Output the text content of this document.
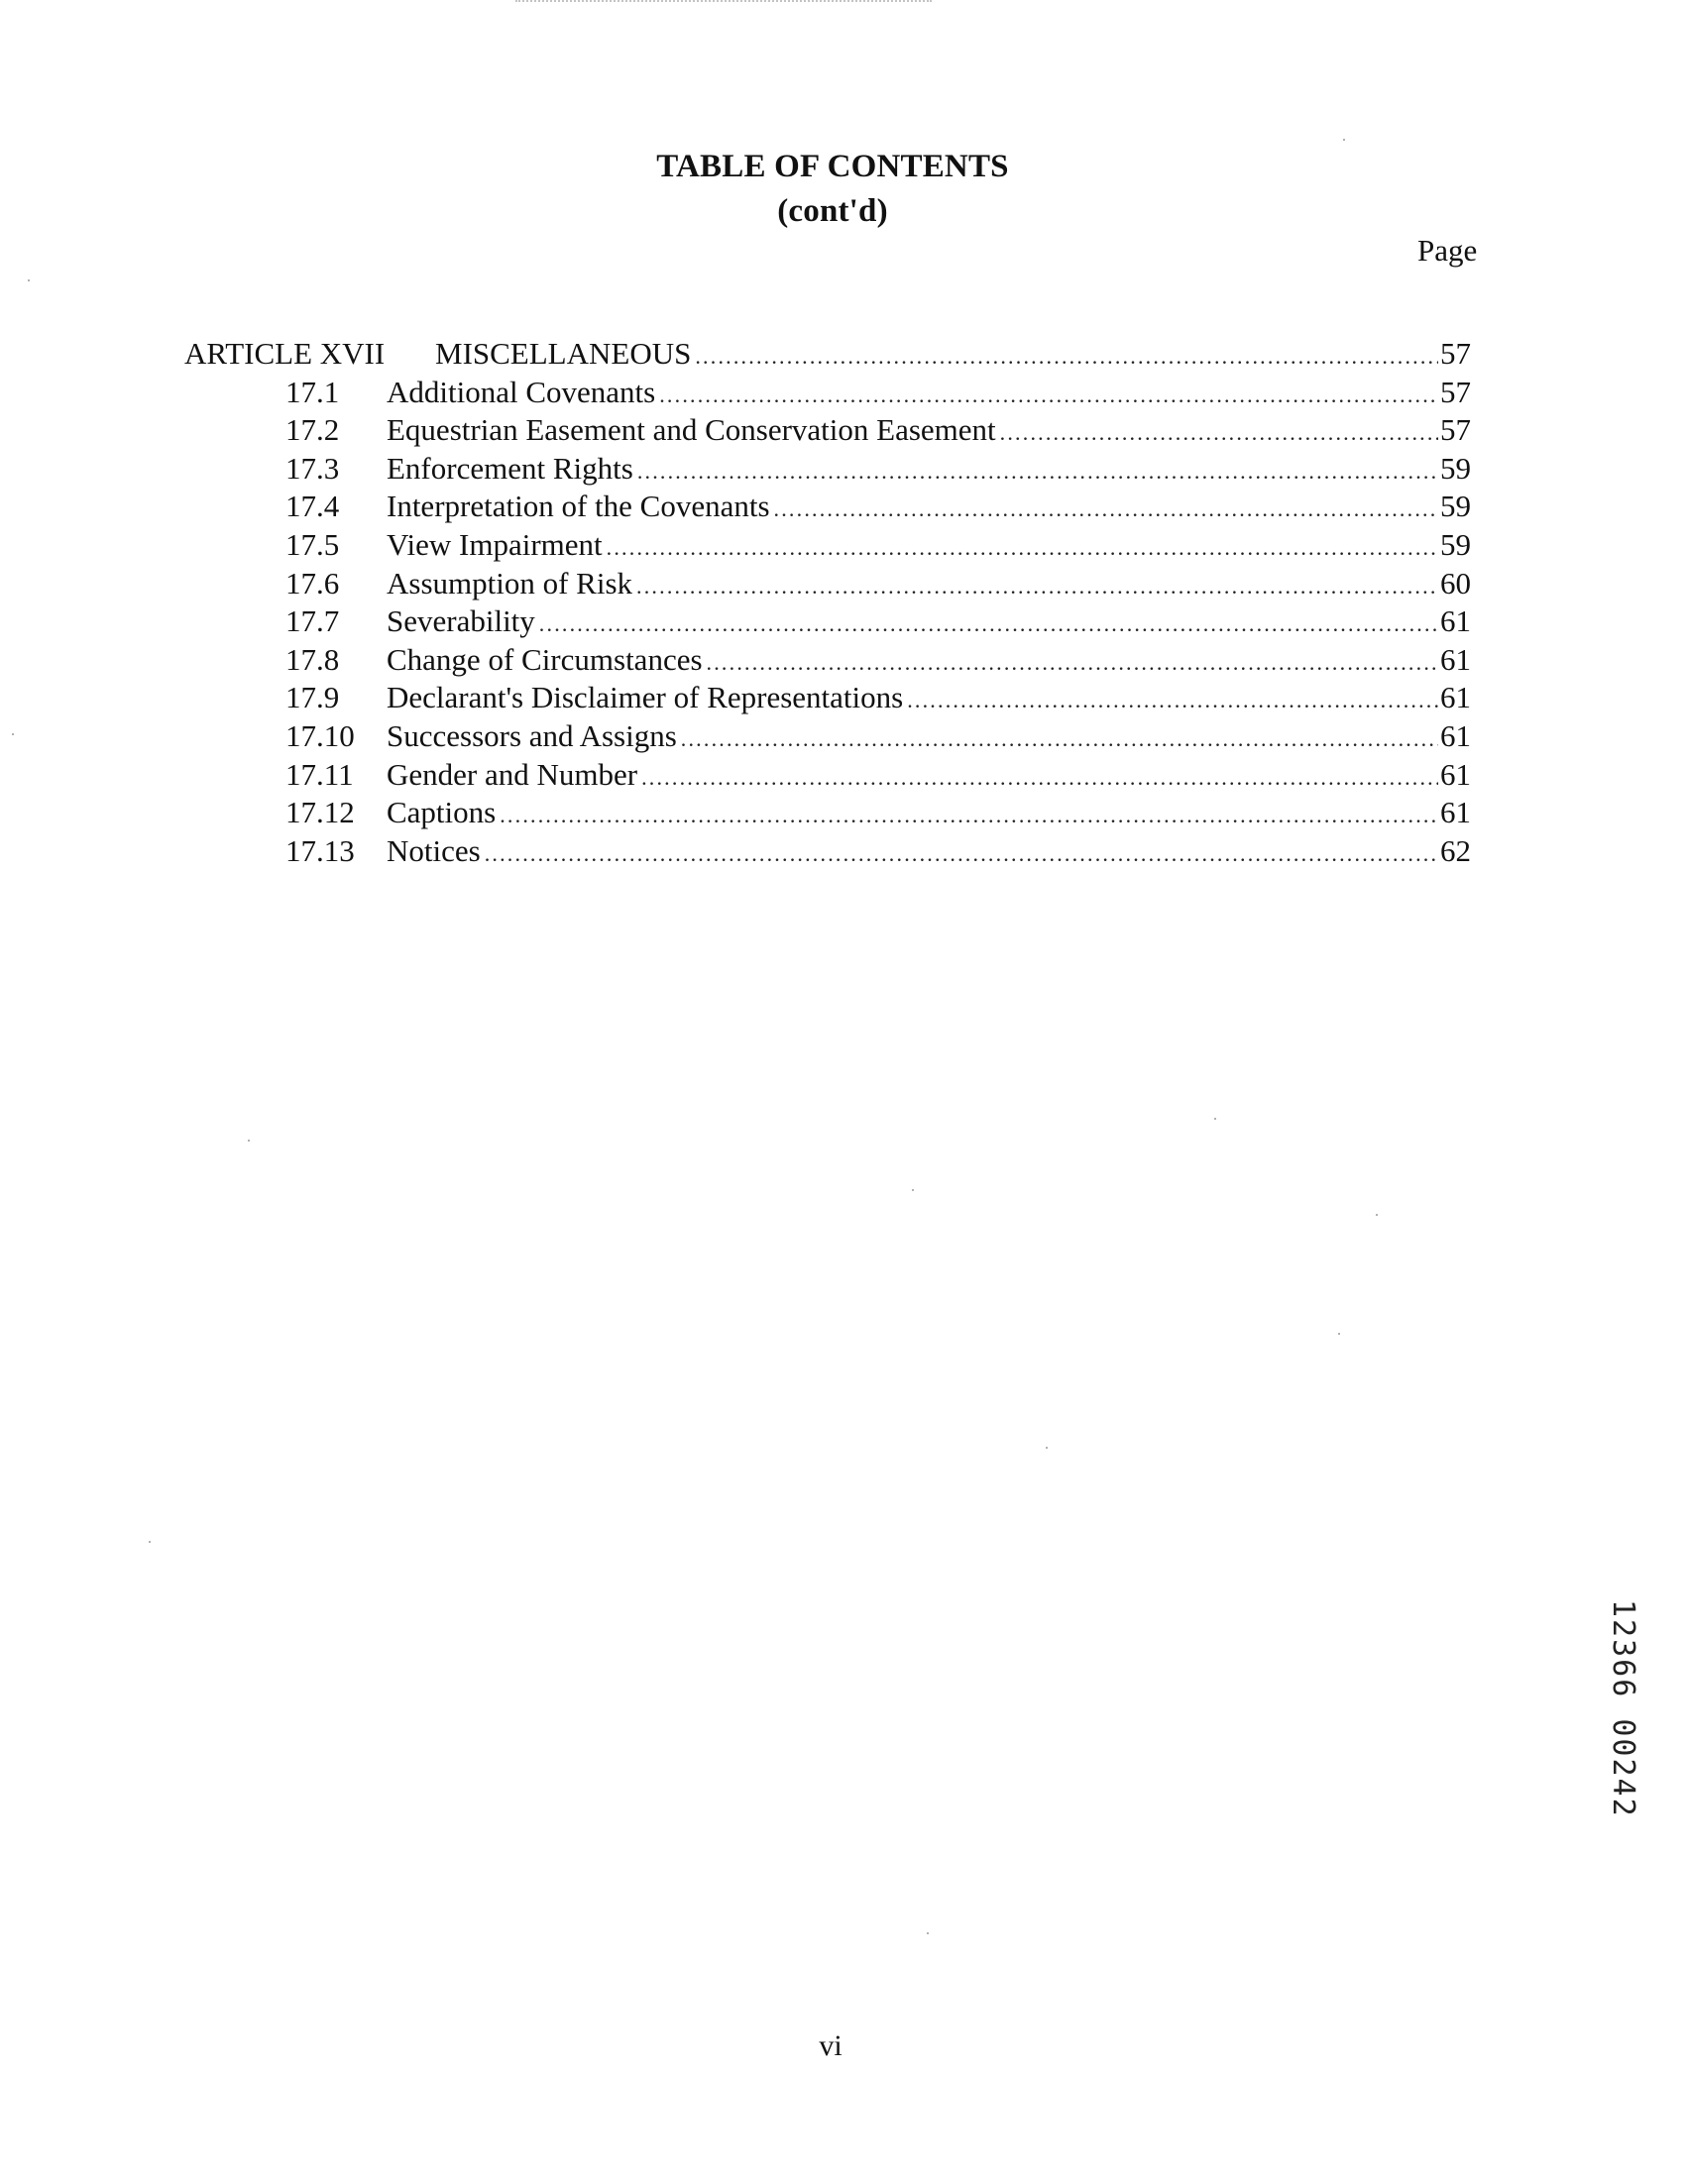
TABLE OF CONTENTS
(cont'd)
Page
ARTICLE XVII	MISCELLANEOUS .....	57
17.1	Additional Covenants .....	57
17.2	Equestrian Easement and Conservation Easement .....	57
17.3	Enforcement Rights .....	59
17.4	Interpretation of the Covenants .....	59
17.5	View Impairment .....	59
17.6	Assumption of Risk .....	60
17.7	Severability .....	61
17.8	Change of Circumstances .....	61
17.9	Declarant's Disclaimer of Representations .....	61
17.10	Successors and Assigns .....	61
17.11	Gender and Number .....	61
17.12	Captions .....	61
17.13	Notices .....	62
12366 00242
vi
